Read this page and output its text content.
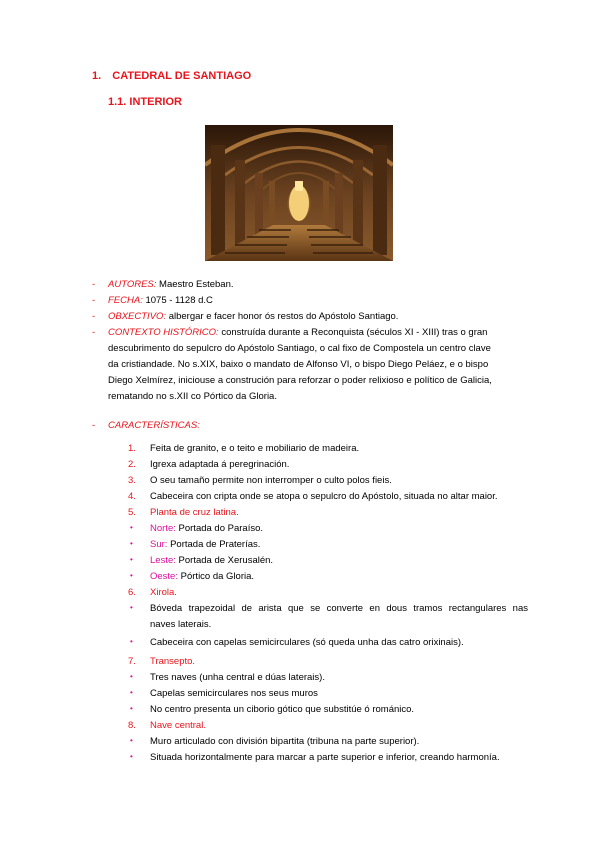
1. CATEDRAL DE SANTIAGO
1.1. INTERIOR
- AUTORES: Maestro Esteban.
- FECHA: 1075 - 1128 d.C
- OBXECTIVO: albergar e facer honor ós restos do Apóstolo Santiago.
- CONTEXTO HISTÓRICO: construída durante a Reconquista (séculos XI - XIII) tras o gran
descubrimento do sepulcro do Apóstolo Santiago, o cal fixo de Compostela un centro clave
da cristiandade. No s.XIX, baixo o mandato de Alfonso VI, o bispo Diego Peláez, e o bispo
Diego Xelmírez, iniciouse a construción para reforzar o poder relixioso e político de Galicia,
rematando no s.XII co Pórtico da Gloria.
- CARACTERÍSTICAS:
1. Feita de granito, e o teito e mobiliario de madeira.
2. Igrexa adaptada á peregrinación.
3. O seu tamaño permite non interromper o culto polos fieis.
4. Cabeceira con cripta onde se atopa o sepulcro do Apóstolo, situada no altar maior.
5. Planta de cruz latina.
• Norte: Portada do Paraíso.
• Sur: Portada de Praterías.
• Leste: Portada de Xerusalén.
• Oeste: Pórtico da Gloria.
6. Xirola.
• Bóveda trapezoidal de arista que se converte en dous tramos rectangulares nas
naves laterais.
• Cabeceira con capelas semicirculares (só queda unha das catro orixinais).
7. Transepto.
• Tres naves (unha central e dúas laterais).
• Capelas semicirculares nos seus muros
• No centro presenta un ciborio gótico que substitúe ó románico.
8. Nave central.
• Muro articulado con división bipartita (tribuna na parte superior).
• Situada horizontalmente para marcar a parte superior e inferior, creando harmonía.
